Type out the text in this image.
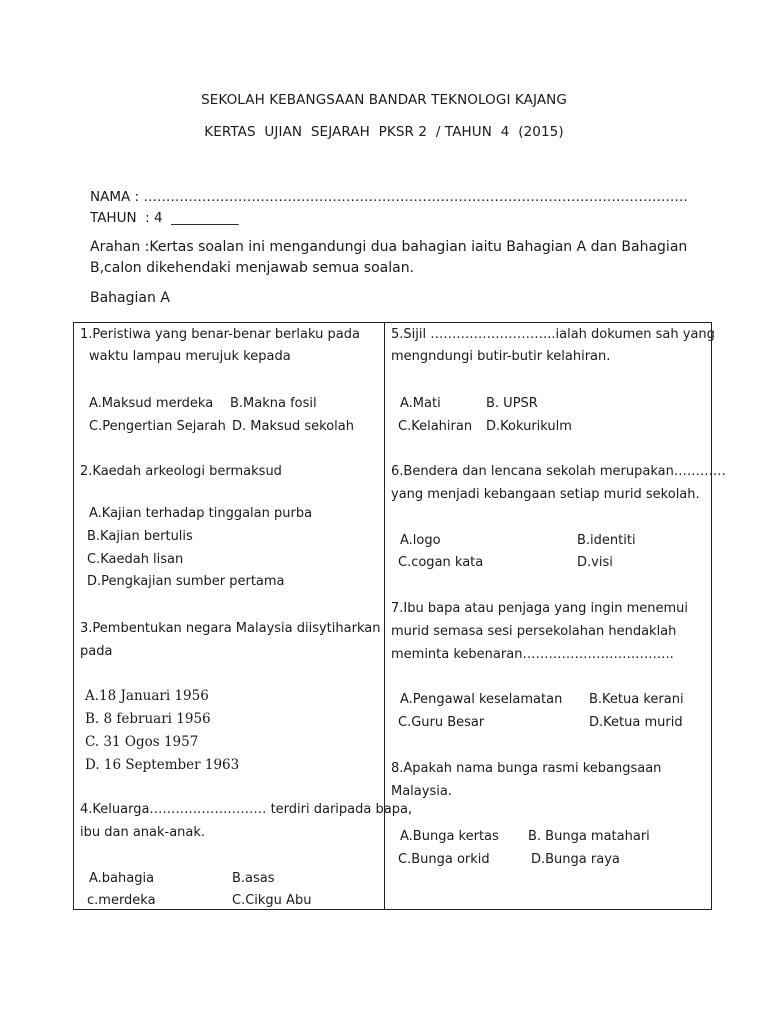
SEKOLAH KEBANGSAAN BANDAR TEKNOLOGI KAJANG
KERTAS  UJIAN  SEJARAH  PKSR 2  / TAHUN  4  (2015)
NAMA : ………………………………………………………………………………………………………….
TAHUN  : 4  __________
Arahan :Kertas soalan ini mengandungi dua bahagian iaitu Bahagian A dan Bahagian B,calon dikehendaki menjawab semua soalan.
Bahagian A
1.Peristiwa yang benar-benar berlaku pada
waktu lampau merujuk kepada
A.Maksud merdeka B.Makna fosil
C.Pengertian Sejarah D. Maksud sekolah
2.Kaedah arkeologi bermaksud
A.Kajian terhadap tinggalan purba
B.Kajian bertulis
C.Kaedah lisan
D.Pengkajian sumber pertama
3.Pembentukan negara Malaysia diisytiharkan
pada
A.18 Januari 1956
B. 8 februari 1956
C. 31 Ogos 1957
D. 16 September 1963
4.Keluarga……………………… terdiri daripada bapa,
ibu dan anak-anak.
A.bahagia	B.asas
c.merdeka	C.Cikgu Abu
5.Sijil ………………………..ialah dokumen sah yang
mengndungi butir-butir kelahiran.
A.Mati	B. UPSR
C.Kelahiran D.Kokurikulm
6.Bendera dan lencana sekolah merupakan…………
yang menjadi kebangaan setiap murid sekolah.
A.logo	B.identiti
C.cogan kata	D.visi
7.Ibu bapa atau penjaga yang ingin menemui
murid semasa sesi persekolahan hendaklah
meminta kebenaran……………………………..
A.Pengawal keselamatan B.Ketua kerani
C.Guru Besar	D.Ketua murid
8.Apakah nama bunga rasmi kebangsaan
Malaysia.
A.Bunga kertas B. Bunga matahari
C.Bunga orkid	D.Bunga raya
